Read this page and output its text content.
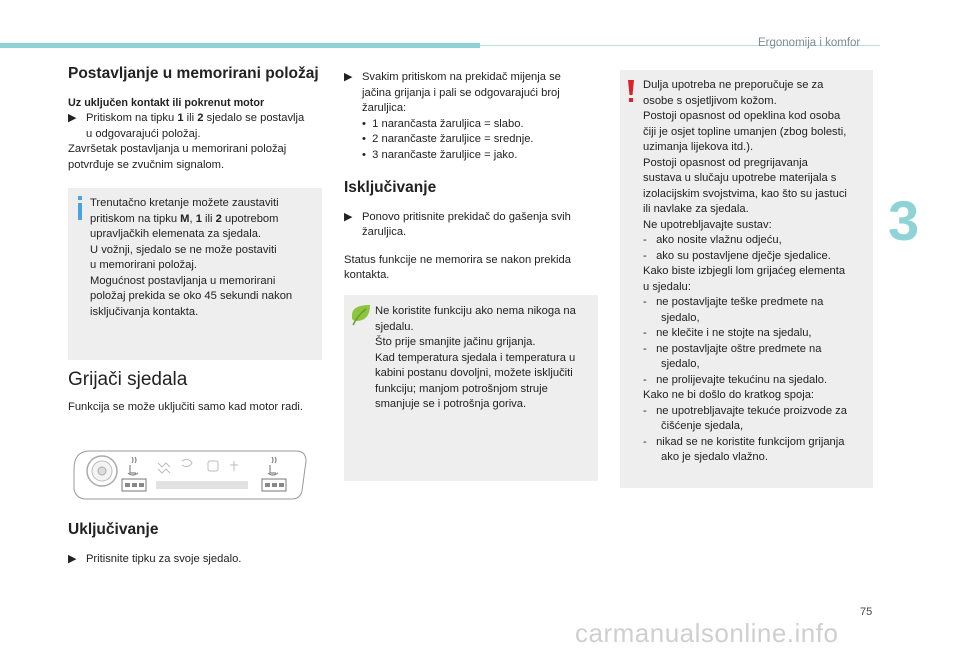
Ergonomija i komfor
3
Postavljanje u memorirani položaj

Uz uključen kontakt ili pokrenut motor

▶︎   Pritiskom na tipku 1 ili 2 sjedalo se postavlja
u odgovarajući položaj.

Završetak postavljanja u memorirani položaj
potvrđuje se zvučnim signalom.

Trenutačno kretanje možete zaustaviti
pritiskom na tipku M, 1 ili 2 upotrebom
upravljačkih elemenata za sjedala.
U vožnji, sjedalo se ne može postaviti
u memorirani položaj.
Mogućnost postavljanja u memorirani
položaj prekida se oko 45 sekundi nakon
isključivanja kontakta.
Grijači sjedala

Funkcija se može uključiti samo kad motor radi.

Uključivanje

▶︎   Pritisnite tipku za svoje sjedalo.

▶︎   Svakim pritiskom na prekidač mijenja se
jačina grijanja i pali se odgovarajući broj
žaruljica:

•  1 narančasta žaruljica = slabo.

•  2 narančaste žaruljice = srednje.

•  3 narančaste žaruljice = jako.

Isključivanje

▶︎   Ponovo pritisnite prekidač do gašenja svih
žaruljica.

Status funkcije ne memorira se nakon prekida
kontakta.

Ne koristite funkciju ako nema nikoga na
sjedalu.
Što prije smanjite jačinu grijanja.
Kad temperatura sjedala i temperatura u
kabini postanu dovoljni, možete isključiti
funkciju; manjom potrošnjom struje
smanjuje se i potrošnja goriva.
Dulja upotreba ne preporučuje se za
osobe s osjetljivom kožom.
Postoji opasnost od opeklina kod osoba
čiji je osjet topline umanjen (zbog bolesti,
uzimanja lijekova itd.).
Postoji opasnost od pregrijavanja
sustava u slučaju upotrebe materijala s
izolacijskim svojstvima, kao što su jastuci
ili navlake za sjedala.
Ne upotrebljavajte sustav:
-   ako nosite vlažnu odjeću,
-   ako su postavljene dječje sjedalice.
Kako biste izbjegli lom grijaćeg elementa
u sjedalu:
-   ne postavljajte teške predmete na
sjedalo,
-   ne klečite i ne stojte na sjedalu,
-   ne postavljajte oštre predmete na
sjedalo,
-   ne prolijevajte tekućinu na sjedalo.
Kako ne bi došlo do kratkog spoja:
-   ne upotrebljavajte tekuće proizvode za
čišćenje sjedala,
-   nikad se ne koristite funkcijom grijanja
ako je sjedalo vlažno.
75
carmanualsonline.info
